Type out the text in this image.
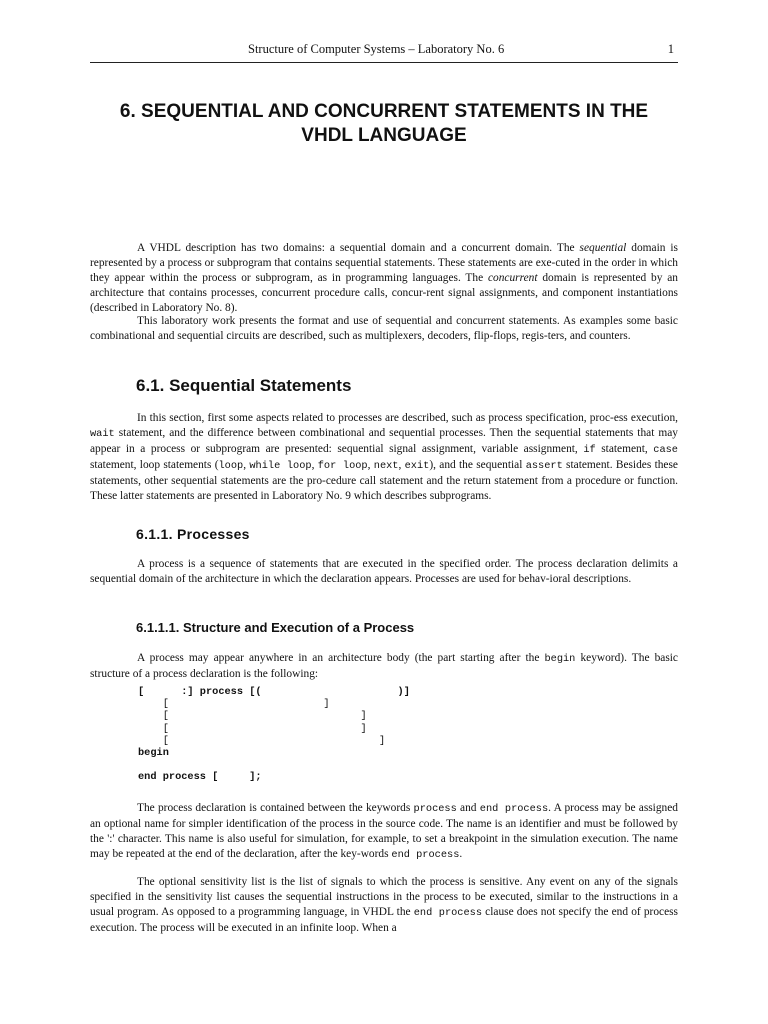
Structure of Computer Systems – Laboratory No. 6	1
6. SEQUENTIAL AND CONCURRENT STATEMENTS IN THE
VHDL LANGUAGE

A VHDL description has two domains: a sequential domain and a concurrent domain. The sequential domain is represented by a process or subprogram that contains sequential statements. These statements are exe-cuted in the order in which they appear within the process or subprogram, as in programming languages. The concurrent domain is represented by an architecture that contains processes, concurrent procedure calls, concur-rent signal assignments, and component instantiations (described in Laboratory No. 8).

This laboratory work presents the format and use of sequential and concurrent statements. As examples some basic combinational and sequential circuits are described, such as multiplexers, decoders, flip-flops, regis-ters, and counters.

6.1. Sequential Statements

In this section, first some aspects related to processes are described, such as process specification, proc-ess execution, wait statement, and the difference between combinational and sequential processes. Then the sequential statements that may appear in a process or subprogram are presented: sequential signal assignment, variable assignment, if statement, case statement, loop statements (loop, while loop, for loop, next, exit), and the sequential assert statement. Besides these statements, other sequential statements are the pro-cedure call statement and the return statement from a procedure or function. These latter statements are presented in Laboratory No. 9 which describes subprograms.

6.1.1. Processes

A process is a sequence of statements that are executed in the specified order. The process declaration delimits a sequential domain of the architecture in which the declaration appears. Processes are used for behav-ioral descriptions.

6.1.1.1. Structure and Execution of a Process

A process may appear anywhere in an architecture body (the part starting after the begin keyword). The basic structure of a process declaration is the following:

[      :] process [(                      )]
[                         ]
[                               ]
[                               ]
[                                  ]
begin
end process [     ];

The process declaration is contained between the keywords process and end process. A process may be assigned an optional name for simpler identification of the process in the source code. The name is an identifier and must be followed by the ':' character. This name is also useful for simulation, for example, to set a breakpoint in the simulation execution. The name may be repeated at the end of the declaration, after the key-words end process.

The optional sensitivity list is the list of signals to which the process is sensitive. Any event on any of the signals specified in the sensitivity list causes the sequential instructions in the process to be executed, similar to the instructions in a usual program. As opposed to a programming language, in VHDL the end process clause does not specify the end of process execution. The process will be executed in an infinite loop. When a
